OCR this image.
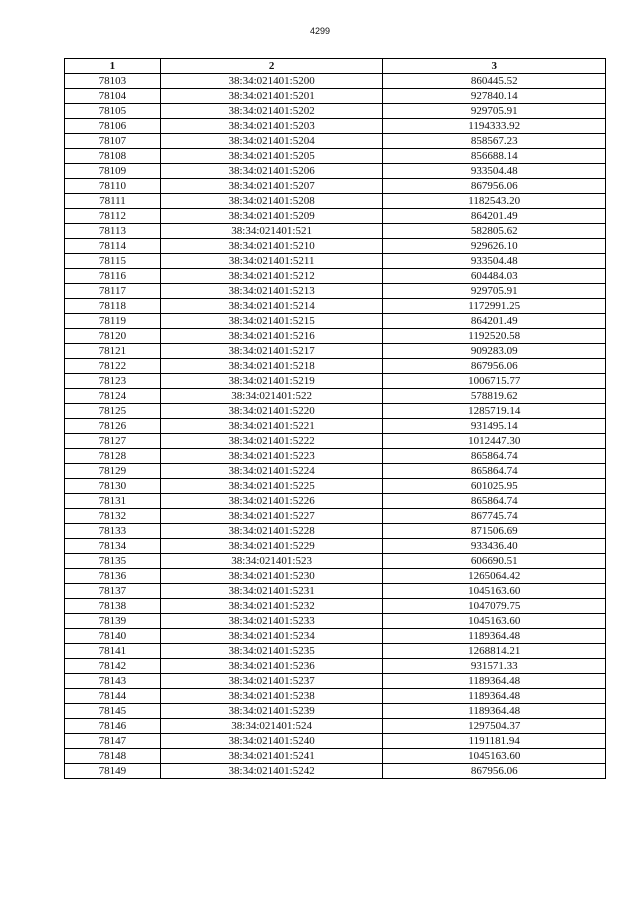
4299
1	2	3
78103	38:34:021401:5200	860445.52
78104	38:34:021401:5201	927840.14
78105	38:34:021401:5202	929705.91
78106	38:34:021401:5203	1194333.92
78107	38:34:021401:5204	858567.23
78108	38:34:021401:5205	856688.14
78109	38:34:021401:5206	933504.48
78110	38:34:021401:5207	867956.06
78111	38:34:021401:5208	1182543.20
78112	38:34:021401:5209	864201.49
78113	38:34:021401:521	582805.62
78114	38:34:021401:5210	929626.10
78115	38:34:021401:5211	933504.48
78116	38:34:021401:5212	604484.03
78117	38:34:021401:5213	929705.91
78118	38:34:021401:5214	1172991.25
78119	38:34:021401:5215	864201.49
78120	38:34:021401:5216	1192520.58
78121	38:34:021401:5217	909283.09
78122	38:34:021401:5218	867956.06
78123	38:34:021401:5219	1006715.77
78124	38:34:021401:522	578819.62
78125	38:34:021401:5220	1285719.14
78126	38:34:021401:5221	931495.14
78127	38:34:021401:5222	1012447.30
78128	38:34:021401:5223	865864.74
78129	38:34:021401:5224	865864.74
78130	38:34:021401:5225	601025.95
78131	38:34:021401:5226	865864.74
78132	38:34:021401:5227	867745.74
78133	38:34:021401:5228	871506.69
78134	38:34:021401:5229	933436.40
78135	38:34:021401:523	606690.51
78136	38:34:021401:5230	1265064.42
78137	38:34:021401:5231	1045163.60
78138	38:34:021401:5232	1047079.75
78139	38:34:021401:5233	1045163.60
78140	38:34:021401:5234	1189364.48
78141	38:34:021401:5235	1268814.21
78142	38:34:021401:5236	931571.33
78143	38:34:021401:5237	1189364.48
78144	38:34:021401:5238	1189364.48
78145	38:34:021401:5239	1189364.48
78146	38:34:021401:524	1297504.37
78147	38:34:021401:5240	1191181.94
78148	38:34:021401:5241	1045163.60
78149	38:34:021401:5242	867956.06
